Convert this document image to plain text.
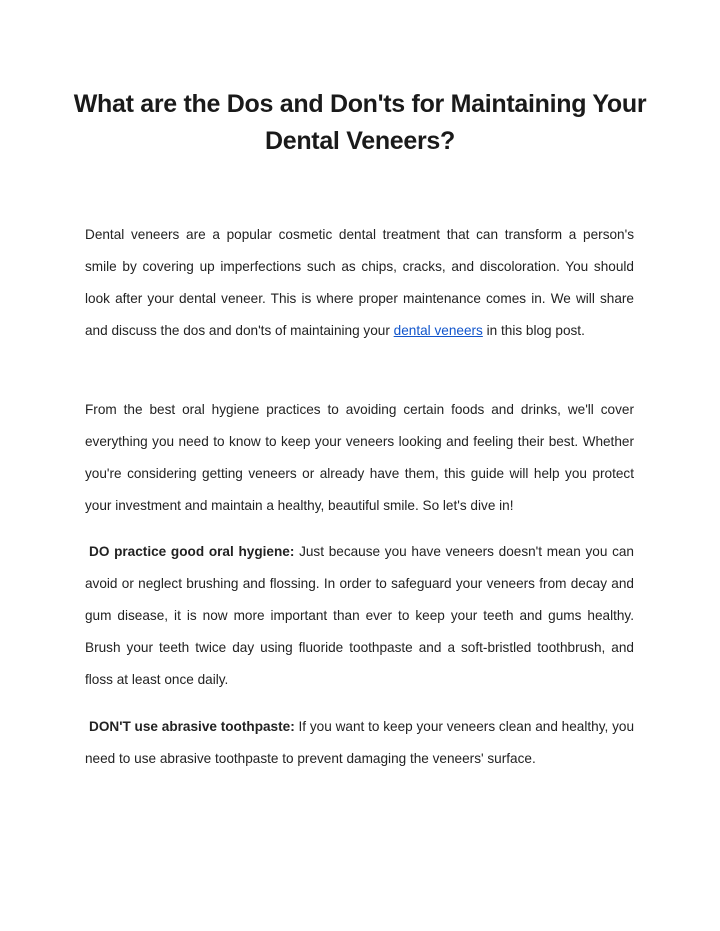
What are the Dos and Don'ts for Maintaining Your Dental Veneers?

Dental veneers are a popular cosmetic dental treatment that can transform a person's smile by covering up imperfections such as chips, cracks, and discoloration. You should look after your dental veneer. This is where proper maintenance comes in. We will share and discuss the dos and don'ts of maintaining your dental veneers in this blog post.

From the best oral hygiene practices to avoiding certain foods and drinks, we'll cover everything you need to know to keep your veneers looking and feeling their best. Whether you're considering getting veneers or already have them, this guide will help you protect your investment and maintain a healthy, beautiful smile. So let's dive in!

DO practice good oral hygiene: Just because you have veneers doesn't mean you can avoid or neglect brushing and flossing. In order to safeguard your veneers from decay and gum disease, it is now more important than ever to keep your teeth and gums healthy. Brush your teeth twice day using fluoride toothpaste and a soft-bristled toothbrush, and floss at least once daily.

DON'T use abrasive toothpaste: If you want to keep your veneers clean and healthy, you need to use abrasive toothpaste to prevent damaging the veneers' surface.
